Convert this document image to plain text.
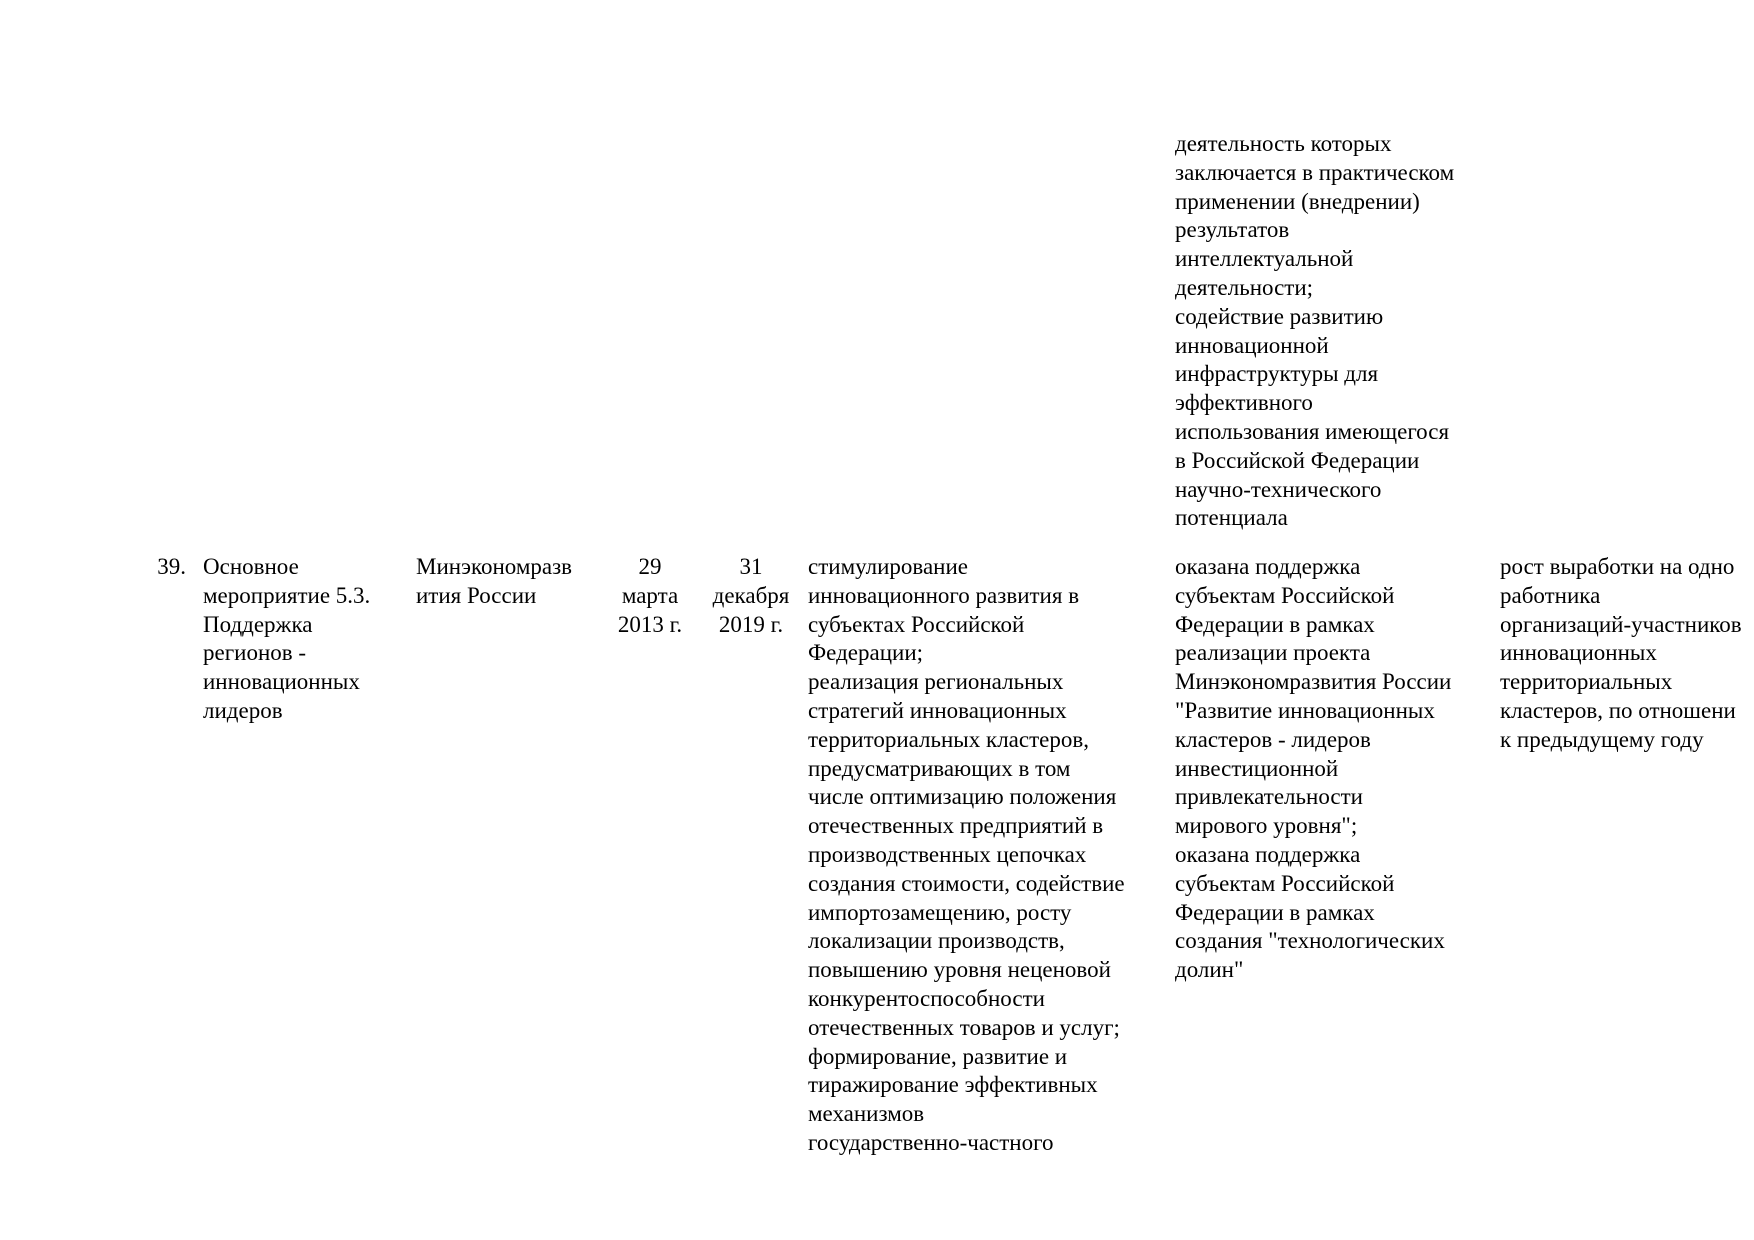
деятельность которых
заключается в практическом
применении (внедрении)
результатов
интеллектуальной
деятельности;
содействие развитию
инновационной
инфраструктуры для
эффективного
использования имеющегося
в Российской Федерации
научно-технического
потенциала
39. Основное
мероприятие 5.3.
Поддержка
регионов -
инновационных
лидеров
Минэкономразв
ития России
29
марта
2013 г.
31
декабря
2019 г.
стимулирование
инновационного развития в
субъектах Российской
Федерации;
реализация региональных
стратегий инновационных
территориальных кластеров,
предусматривающих в том
числе оптимизацию положения
отечественных предприятий в
производственных цепочках
создания стоимости, содействие
импортозамещению, росту
локализации производств,
повышению уровня неценовой
конкурентоспособности
отечественных товаров и услуг;
формирование, развитие и
тиражирование эффективных
механизмов
государственно-частного
оказана поддержка
субъектам Российской
Федерации в рамках
реализации проекта
Минэкономразвития России
"Развитие инновационных
кластеров - лидеров
инвестиционной
привлекательности
мирового уровня";
оказана поддержка
субъектам Российской
Федерации в рамках
создания "технологических
долин"
рост выработки на одно
работника
организаций-участников
инновационных
территориальных
кластеров, по отношени
к предыдущему году
